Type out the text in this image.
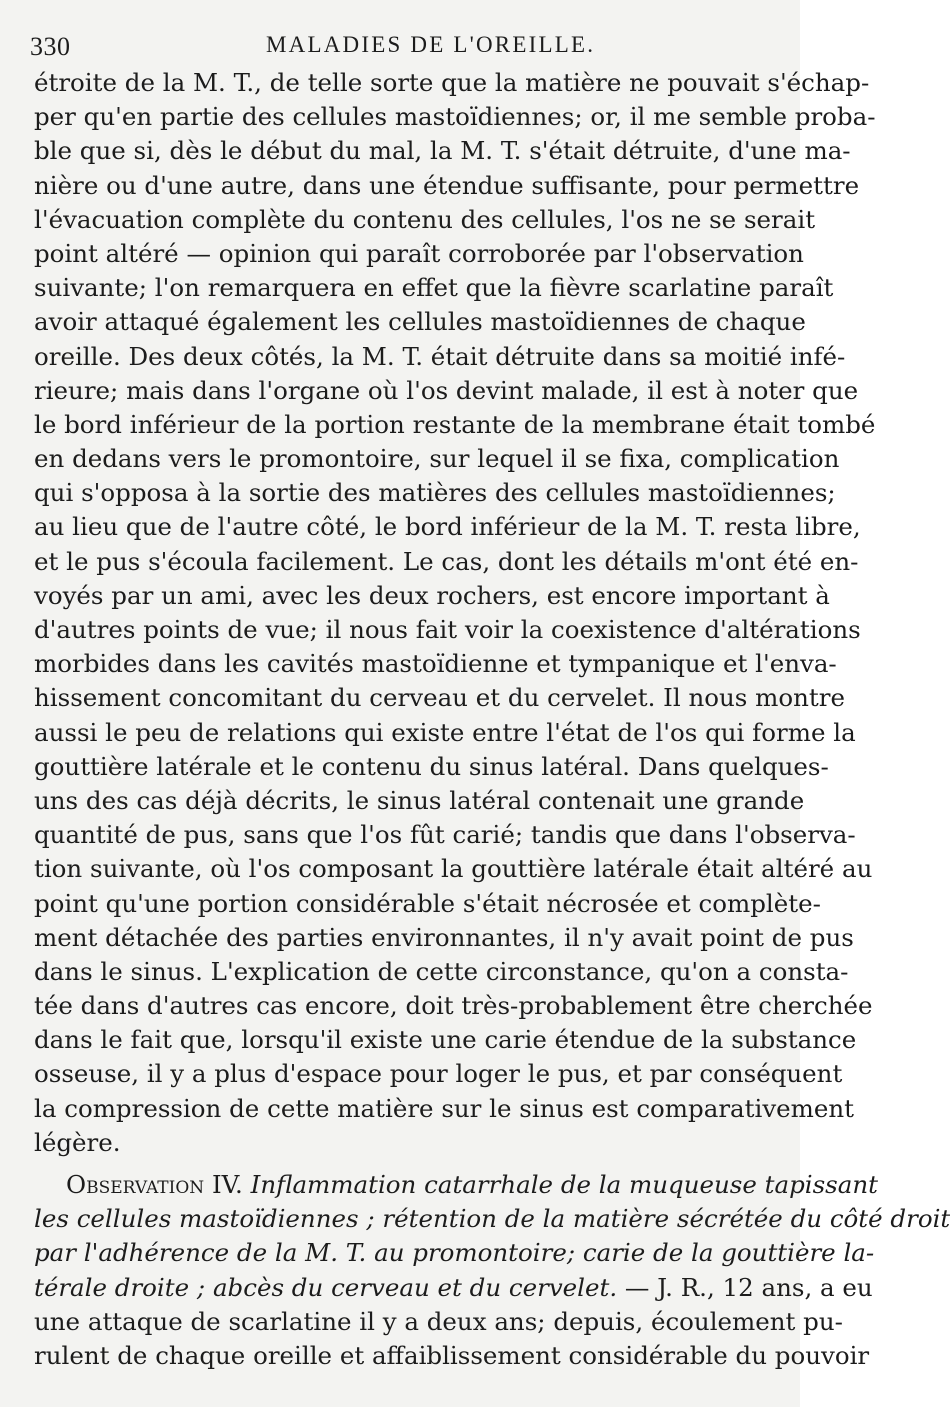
330	MALADIES DE L'OREILLE.
étroite de la M. T., de telle sorte que la matière ne pouvait s'échap-
per qu'en partie des cellules mastoïdiennes; or, il me semble proba-
ble que si, dès le début du mal, la M. T. s'était détruite, d'une ma-
nière ou d'une autre, dans une étendue suffisante, pour permettre
l'évacuation complète du contenu des cellules, l'os ne se serait
point altéré — opinion qui paraît corroborée par l'observation
suivante; l'on remarquera en effet que la fièvre scarlatine paraît
avoir attaqué également les cellules mastoïdiennes de chaque
oreille. Des deux côtés, la M. T. était détruite dans sa moitié infé-
rieure; mais dans l'organe où l'os devint malade, il est à noter que
le bord inférieur de la portion restante de la membrane était tombé
en dedans vers le promontoire, sur lequel il se fixa, complication
qui s'opposa à la sortie des matières des cellules mastoïdiennes;
au lieu que de l'autre côté, le bord inférieur de la M. T. resta libre,
et le pus s'écoula facilement. Le cas, dont les détails m'ont été en-
voyés par un ami, avec les deux rochers, est encore important à
d'autres points de vue; il nous fait voir la coexistence d'altérations
morbides dans les cavités mastoïdienne et tympanique et l'enva-
hissement concomitant du cerveau et du cervelet. Il nous montre
aussi le peu de relations qui existe entre l'état de l'os qui forme la
gouttière latérale et le contenu du sinus latéral. Dans quelques-
uns des cas déjà décrits, le sinus latéral contenait une grande
quantité de pus, sans que l'os fût carié; tandis que dans l'observa-
tion suivante, où l'os composant la gouttière latérale était altéré au
point qu'une portion considérable s'était nécrosée et complète-
ment détachée des parties environnantes, il n'y avait point de pus
dans le sinus. L'explication de cette circonstance, qu'on a consta-
tée dans d'autres cas encore, doit très-probablement être cherchée
dans le fait que, lorsqu'il existe une carie étendue de la substance
osseuse, il y a plus d'espace pour loger le pus, et par conséquent
la compression de cette matière sur le sinus est comparativement
légère.
Observation IV. Inflammation catarrhale de la muqueuse tapissant
les cellules mastoïdiennes ; rétention de la matière sécrétée du côté droit
par l'adhérence de la M. T. au promontoire; carie de la gouttière la-
térale droite ; abcès du cerveau et du cervelet. — J. R., 12 ans, a eu
une attaque de scarlatine il y a deux ans; depuis, écoulement pu-
rulent de chaque oreille et affaiblissement considérable du pouvoir
